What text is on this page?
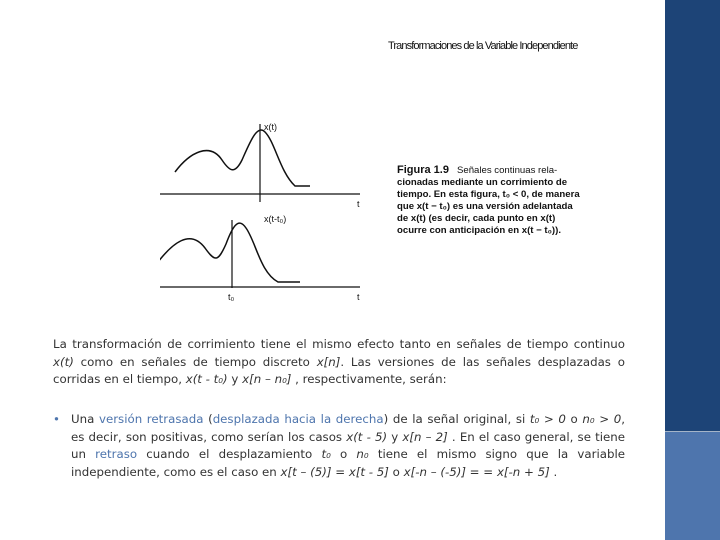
Transformaciones de la Variable Independiente
x(t)
t
x(t-t₀)
t
t₀
Figura 1.9 Señales continuas rela-
cionadas mediante un corrimiento de
tiempo. En esta figura, t₀ < 0, de manera
que x(t − t₀) es una versión adelantada
de x(t) (es decir, cada punto en x(t)
ocurre con anticipación en x(t − t₀)).
La transformación de corrimiento tiene el mismo efecto tanto en señales de tiempo continuo x(t) como en señales de tiempo discreto x[n]. Las versiones de las señales desplazadas o corridas en el tiempo, x(t - t₀) y x[n – n₀] , respectivamente, serán:
• Una versión retrasada (desplazada hacia la derecha) de la señal original, si t₀ > 0 o n₀ > 0, es decir, son positivas, como serían los casos x(t - 5) y x[n – 2] . En el caso general, se tiene un retraso cuando el desplazamiento t₀ o n₀ tiene el mismo signo que la variable independiente, como es el caso en x[t – (5)] = x[t - 5] o x[-n – (-5)] = = x[-n + 5] .
